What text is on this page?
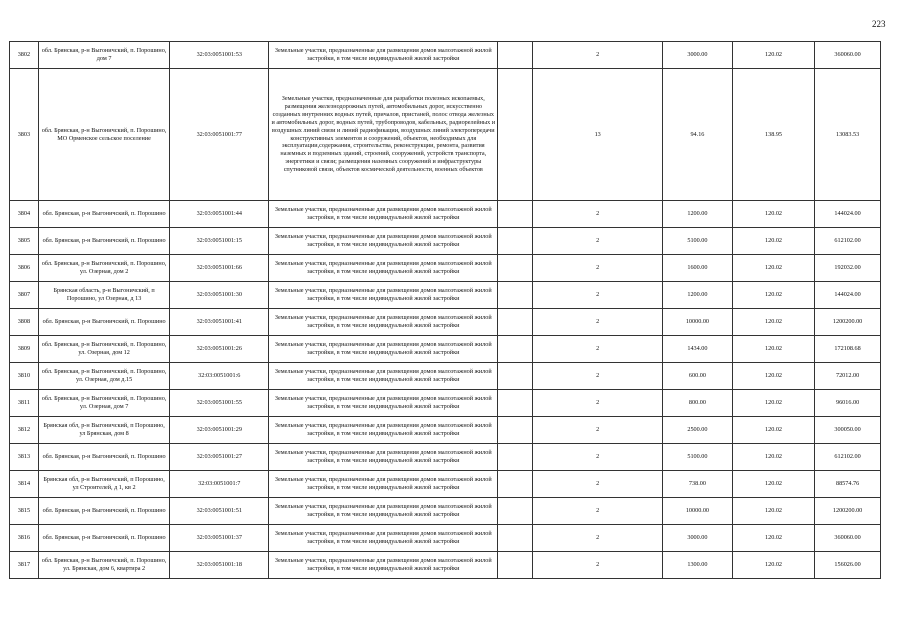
223
3802	обл. Брянская, р-н Выгоничский, п. Порошино, дом 7	32:03:0051001:53	Земельные участки, предназначенные для размещения домов малоэтажной жилой застройки, в том числе индивидуальной жилой застройки		2	3000.00	120.02	360060.00
3803	обл. Брянская, р-н Выгоничский, п. Порошино, МО Орменское сельское поселение	32:03:0051001:77	Земельные участки, предназначенные для разработки полезных ископаемых, размещения железнодорожных путей, автомобильных дорог, искусственно созданных внутренних водных путей, причалов, пристаней, полос отвода железных и автомобильных дорог, водных путей, трубопроводов, кабельных, радиорелейных и воздушных линий связи и линий радиофикации, воздушных линий электропередачи конструктивных элементов и сооружений, объектов, необходимых для эксплуатации,содержания, строительства, реконструкции, ремонта, развития наземных и подземных зданий, строений, сооружений, устройств транспорта, энергетики и связи; размещения наземных сооружений и инфраструктуры спутниковой связи, объектов космической деятельности, военных объектов		13	94.16	138.95	13083.53
3804	обл. Брянская, р-н Выгоничский, п. Порошино	32:03:0051001:44	Земельные участки, предназначенные для размещения домов малоэтажной жилой застройки, в том числе индивидуальной жилой застройки		2	1200.00	120.02	144024.00
3805	обл. Брянская, р-н Выгоничский, п. Порошино	32:03:0051001:15	Земельные участки, предназначенные для размещения домов малоэтажной жилой застройки, в том числе индивидуальной жилой застройки		2	5100.00	120.02	612102.00
3806	обл. Брянская, р-н Выгоничский, п. Порошино, ул. Озерная, дом 2	32:03:0051001:66	Земельные участки, предназначенные для размещения домов малоэтажной жилой застройки, в том числе индивидуальной жилой застройки		2	1600.00	120.02	192032.00
3807	Брянская область, р-н Выгоничский, п Порошино, ул Озерная, д 13	32:03:0051001:30	Земельные участки, предназначенные для размещения домов малоэтажной жилой застройки, в том числе индивидуальной жилой застройки		2	1200.00	120.02	144024.00
3808	обл. Брянская, р-н Выгоничский, п. Порошино	32:03:0051001:41	Земельные участки, предназначенные для размещения домов малоэтажной жилой застройки, в том числе индивидуальной жилой застройки		2	10000.00	120.02	1200200.00
3809	обл. Брянская, р-н Выгоничский, п. Порошино, ул. Озерная, дом 12	32:03:0051001:26	Земельные участки, предназначенные для размещения домов малоэтажной жилой застройки, в том числе индивидуальной жилой застройки		2	1434.00	120.02	172108.68
3810	обл. Брянская, р-н Выгоничский, п. Порошино, ул. Озерная, дом д.15	32:03:0051001:6	Земельные участки, предназначенные для размещения домов малоэтажной жилой застройки, в том числе индивидуальной жилой застройки		2	600.00	120.02	72012.00
3811	обл. Брянская, р-н Выгоничский, п. Порошино, ул. Озерная, дом 7	32:03:0051001:55	Земельные участки, предназначенные для размещения домов малоэтажной жилой застройки, в том числе индивидуальной жилой застройки		2	800.00	120.02	96016.00
3812	Брянская обл, р-н Выгоничский, п Порошино, ул Брянская, дом 8	32:03:0051001:29	Земельные участки, предназначенные для размещения домов малоэтажной жилой застройки, в том числе индивидуальной жилой застройки		2	2500.00	120.02	300050.00
3813	обл. Брянская, р-н Выгоничский, п. Порошино	32:03:0051001:27	Земельные участки, предназначенные для размещения домов малоэтажной жилой застройки, в том числе индивидуальной жилой застройки		2	5100.00	120.02	612102.00
3814	Брянская обл, р-н Выгоничский, п Порошино, ул Строителей, д 1, кв 2	32:03:0051001:7	Земельные участки, предназначенные для размещения домов малоэтажной жилой застройки, в том числе индивидуальной жилой застройки		2	738.00	120.02	88574.76
3815	обл. Брянская, р-н Выгоничский, п. Порошино	32:03:0051001:51	Земельные участки, предназначенные для размещения домов малоэтажной жилой застройки, в том числе индивидуальной жилой застройки		2	10000.00	120.02	1200200.00
3816	обл. Брянская, р-н Выгоничский, п. Порошино	32:03:0051001:37	Земельные участки, предназначенные для размещения домов малоэтажной жилой застройки, в том числе индивидуальной жилой застройки		2	3000.00	120.02	360060.00
3817	обл. Брянская, р-н Выгоничский, п. Порошино, ул. Брянская, дом 6, квартира 2	32:03:0051001:18	Земельные участки, предназначенные для размещения домов малоэтажной жилой застройки, в том числе индивидуальной жилой застройки		2	1300.00	120.02	156026.00
